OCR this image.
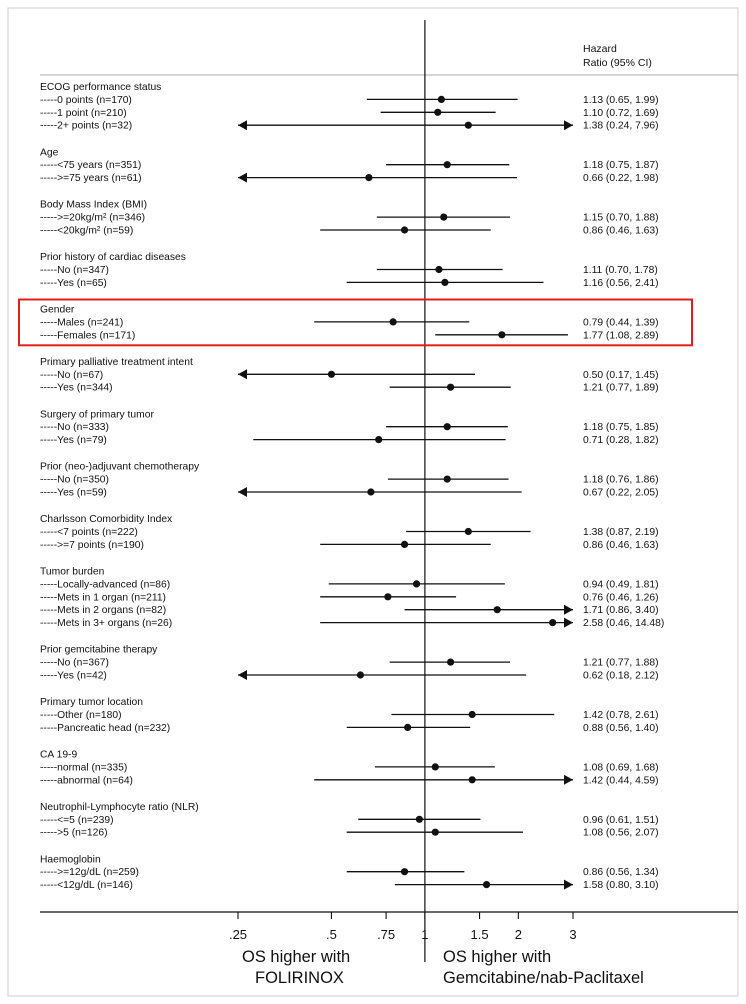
Hazard
Ratio (95% CI)
ECOG performance status
-----0 points (n=170)	1.13 (0.65, 1.99)
-----1 point (n=210)	1.10 (0.72, 1.69)
-----2+ points (n=32)	1.38 (0.24, 7.96)
Age
-----<75 years (n=351)	1.18 (0.75, 1.87)
----->=75 years (n=61)	0.66 (0.22, 1.98)
Body Mass Index (BMI)
----->=20kg/m² (n=346)	1.15 (0.70, 1.88)
-----<20kg/m² (n=59)	0.86 (0.46, 1.63)
Prior history of cardiac diseases
-----No (n=347)	1.11 (0.70, 1.78)
-----Yes (n=65)	1.16 (0.56, 2.41)
Gender
-----Males (n=241)	0.79 (0.44, 1.39)
-----Females (n=171)	1.77 (1.08, 2.89)
Primary palliative treatment intent
-----No (n=67)	0.50 (0.17, 1.45)
-----Yes (n=344)	1.21 (0.77, 1.89)
Surgery of primary tumor
-----No (n=333)	1.18 (0.75, 1.85)
-----Yes (n=79)	0.71 (0.28, 1.82)
Prior (neo-)adjuvant chemotherapy
-----No (n=350)	1.18 (0.76, 1.86)
-----Yes (n=59)	0.67 (0.22, 2.05)
Charlsson Comorbidity Index
-----<7 points (n=222)	1.38 (0.87, 2.19)
----->=7 points (n=190)	0.86 (0.46, 1.63)
Tumor burden
-----Locally-advanced (n=86)	0.94 (0.49, 1.81)
-----Mets in 1 organ (n=211)	0.76 (0.46, 1.26)
-----Mets in 2 organs (n=82)	1.71 (0.86, 3.40)
-----Mets in 3+ organs (n=26)	2.58 (0.46, 14.48)
Prior gemcitabine therapy
-----No (n=367)	1.21 (0.77, 1.88)
-----Yes (n=42)	0.62 (0.18, 2.12)
Primary tumor location
-----Other (n=180)	1.42 (0.78, 2.61)
-----Pancreatic head (n=232)	0.88 (0.56, 1.40)
CA 19-9
-----normal (n=335)	1.08 (0.69, 1.68)
-----abnormal (n=64)	1.42 (0.44, 4.59)
Neutrophil-Lymphocyte ratio (NLR)
-----<=5 (n=239)	0.96 (0.61, 1.51)
----->5 (n=126)	1.08 (0.56, 2.07)
Haemoglobin
----->=12g/dL (n=259)	0.86 (0.56, 1.34)
-----<12g/dL (n=146)	1.58 (0.80, 3.10)
.25	.5	.75 1	1.5 2	3
OS higher with
FOLIRINOX
OS higher with
Gemcitabine/nab-Paclitaxel
